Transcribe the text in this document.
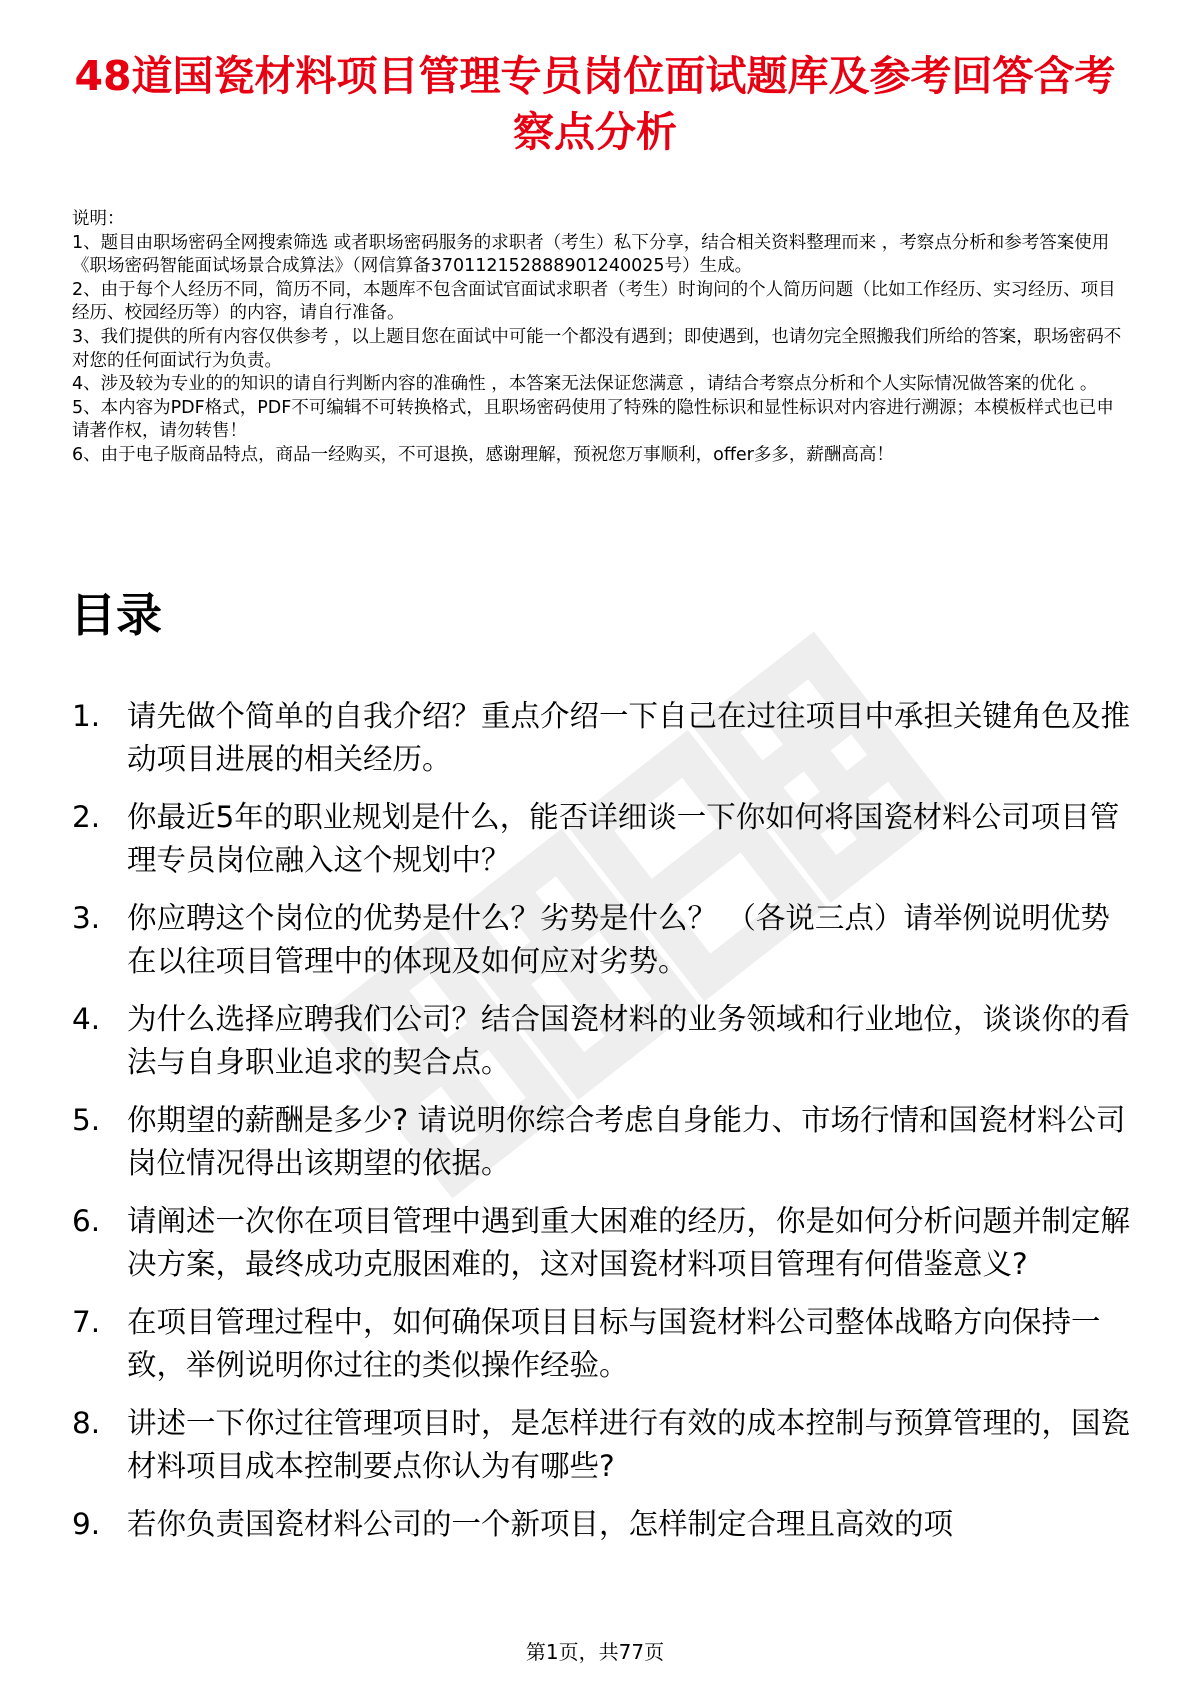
48道国瓷材料项目管理专员岗位面试题库及参考回答含考察点分析

说明：

1、题目由职场密码全网搜索筛选 或者职场密码服务的求职者（考生）私下分享，结合相关资料整理而来 ，考察点分析和参考答案使用《职场密码智能面试场景合成算法》（网信算备370112152888901240025号）生成。

2、由于每个人经历不同，简历不同，本题库不包含面试官面试求职者（考生）时询问的个人简历问题（比如工作经历、实习经历、项目经历、校园经历等）的内容，请自行准备。

3、我们提供的所有内容仅供参考 ，以上题目您在面试中可能一个都没有遇到；即使遇到，也请勿完全照搬我们所给的答案，职场密码不对您的任何面试行为负责。

4、涉及较为专业的的知识的请自行判断内容的准确性 ，本答案无法保证您满意 ，请结合考察点分析和个人实际情况做答案的优化 。

5、本内容为PDF格式，PDF不可编辑不可转换格式，且职场密码使用了特殊的隐性标识和显性标识对内容进行溯源；本模板样式也已申请著作权，请勿转售！

6、由于电子版商品特点，商品一经购买，不可退换，感谢理解，预祝您万事顺利，offer多多，薪酬高高！

目录
1. 请先做个简单的自我介绍？重点介绍一下自己在过往项目中承担关键角色及推动项目进展的相关经历。
2. 你最近5年的职业规划是什么，能否详细谈一下你如何将国瓷材料公司项目管理专员岗位融入这个规划中？
3. 你应聘这个岗位的优势是什么？劣势是什么？ （各说三点）请举例说明优势在以往项目管理中的体现及如何应对劣势。
4. 为什么选择应聘我们公司？结合国瓷材料的业务领域和行业地位，谈谈你的看法与自身职业追求的契合点。
5. 你期望的薪酬是多少? 请说明你综合考虑自身能力、市场行情和国瓷材料公司岗位情况得出该期望的依据。
6. 请阐述一次你在项目管理中遇到重大困难的经历，你是如何分析问题并制定解决方案，最终成功克服困难的，这对国瓷材料项目管理有何借鉴意义?
7. 在项目管理过程中，如何确保项目目标与国瓷材料公司整体战略方向保持一致，举例说明你过往的类似操作经验。
8. 讲述一下你过往管理项目时，是怎样进行有效的成本控制与预算管理的，国瓷材料项目成本控制要点你认为有哪些?
9. 若你负责国瓷材料公司的一个新项目，怎样制定合理且高效的项
第1页，共77页
